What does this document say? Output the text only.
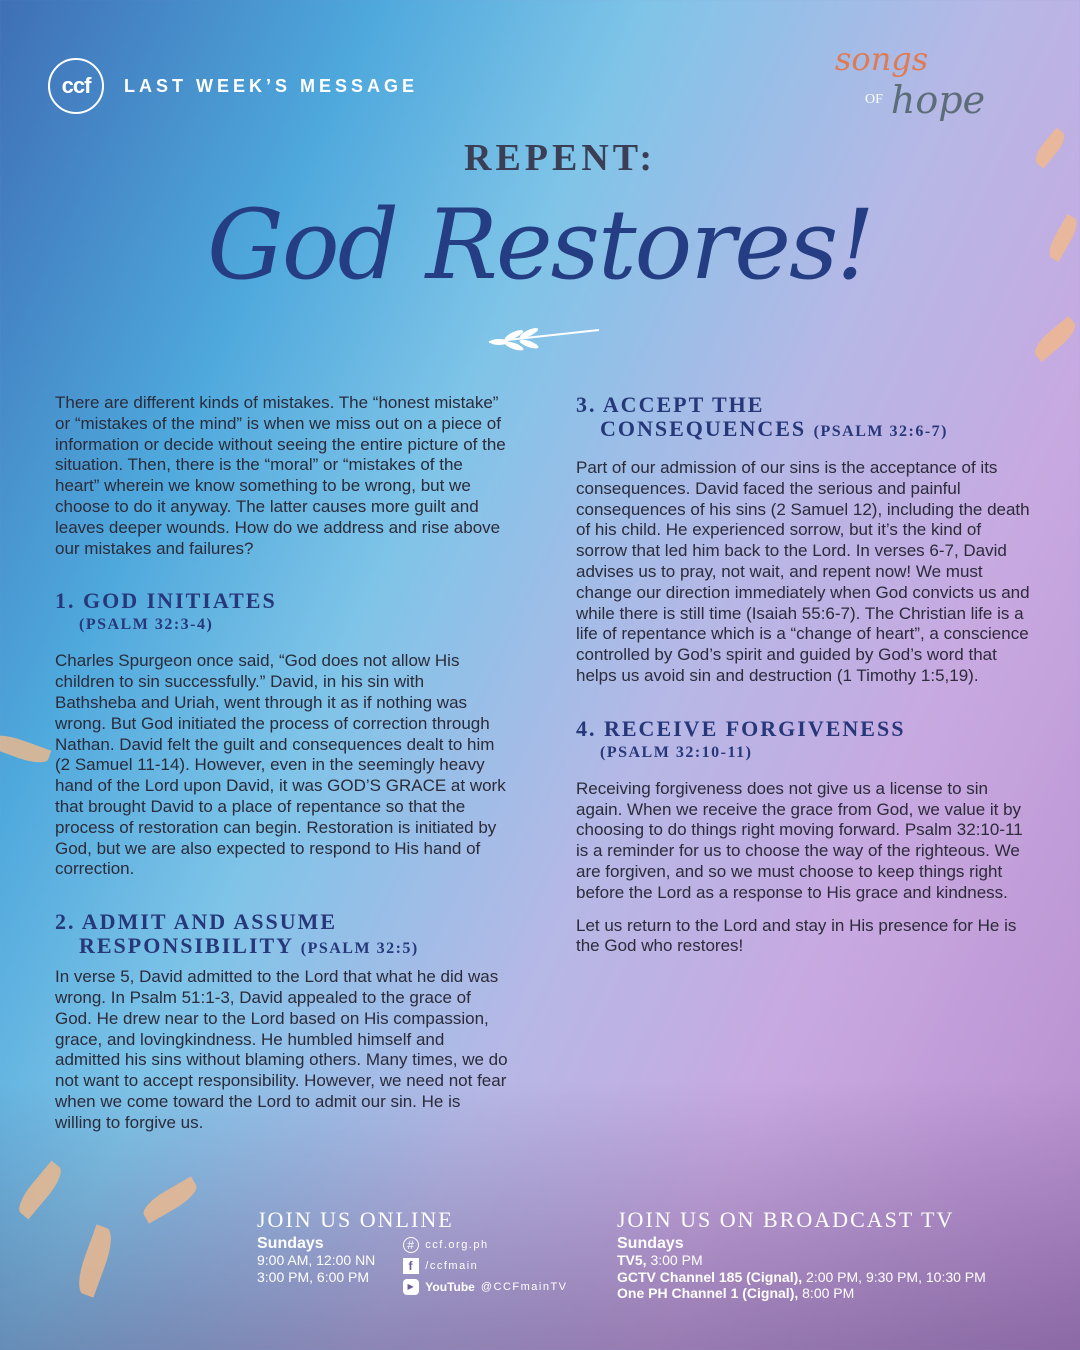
ccf	LAST WEEK’S MESSAGE
songs
OF hope
REPENT:
God Restores!

There are different kinds of mistakes. The “honest mistake” or “mistakes of the mind” is when we miss out on a piece of information or decide without seeing the entire picture of the situation. Then, there is the “moral” or “mistakes of the heart” wherein we know something to be wrong, but we choose to do it anyway. The latter causes more guilt and leaves deeper wounds. How do we address and rise above our mistakes and failures?

1. GOD INITIATES
(PSALM 32:3-4)

Charles Spurgeon once said, “God does not allow His children to sin successfully.” David, in his sin with Bathsheba and Uriah, went through it as if nothing was wrong. But God initiated the process of correction through Nathan. David felt the guilt and consequences dealt to him (2 Samuel 11-14). However, even in the seemingly heavy hand of the Lord upon David, it was GOD’S GRACE at work that brought David to a place of repentance so that the process of restoration can begin. Restoration is initiated by God, but we are also expected to respond to His hand of correction.

2. ADMIT AND ASSUME
RESPONSIBILITY (PSALM 32:5)

In verse 5, David admitted to the Lord that what he did was wrong. In Psalm 51:1-3, David appealed to the grace of God. He drew near to the Lord based on His compassion, grace, and lovingkindness. He humbled himself and admitted his sins without blaming others. Many times, we do not want to accept responsibility. However, we need not fear when we come toward the Lord to admit our sin. He is willing to forgive us.

3. ACCEPT THE
CONSEQUENCES (PSALM 32:6-7)

Part of our admission of our sins is the acceptance of its consequences. David faced the serious and painful consequences of his sins (2 Samuel 12), including the death of his child. He experienced sorrow, but it’s the kind of sorrow that led him back to the Lord. In verses 6-7, David advises us to pray, not wait, and repent now! We must change our direction immediately when God convicts us and while there is still time (Isaiah 55:6-7). The Christian life is a life of repentance which is a “change of heart”, a conscience controlled by God’s spirit and guided by God’s word that helps us avoid sin and destruction (1 Timothy 1:5,19).

4. RECEIVE FORGIVENESS
(PSALM 32:10-11)

Receiving forgiveness does not give us a license to sin again. When we receive the grace from God, we value it by choosing to do things right moving forward. Psalm 32:10-11 is a reminder for us to choose the way of the righteous. We are forgiven, and so we must choose to keep things right before the Lord as a response to His grace and kindness.

Let us return to the Lord and stay in His presence for He is the God who restores!

JOIN US ONLINE
Sundays
9:00 AM, 12:00 NN
3:00 PM, 6:00 PM
# ccf.org.ph
f	/ccfmain
▶ YouTube @CCFmainTV
JOIN US ON BROADCAST TV
Sundays
TV5, 3:00 PM
GCTV Channel 185 (Cignal), 2:00 PM, 9:30 PM, 10:30 PM
One PH Channel 1 (Cignal), 8:00 PM
